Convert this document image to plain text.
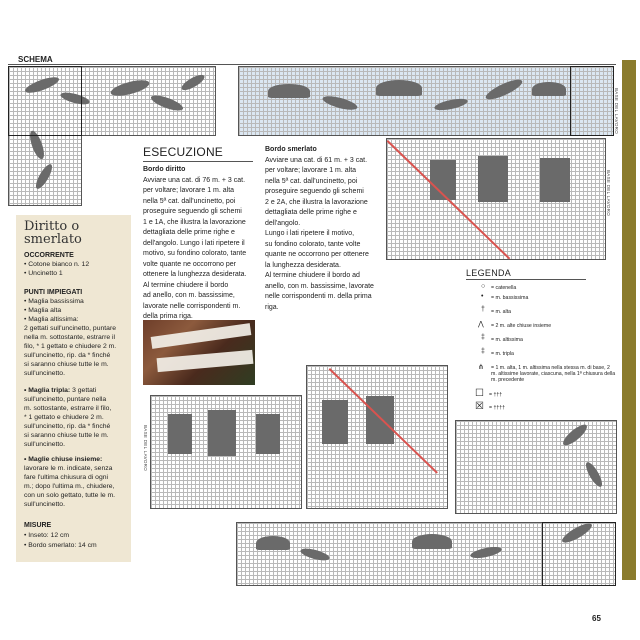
SCHEMA
BASE DEL LAVORO
BASE DEL LAVORO
Diritto o smerlato
OCCORRENTE
• Cotone bianco n. 12
• Uncinetto 1
PUNTI IMPIEGATI
• Maglia bassissima
• Maglia alta
• Maglia altissima:
2 gettati sull'uncinetto, puntare
nella m. sottostante, estrarre il
filo, * 1 gettato e chiudere 2 m.
sull'uncinetto, rip. da * finché
si saranno chiuse tutte le m.
sull'uncinetto.
• Maglia tripla: 3 gettati
sull'uncinetto, puntare nella
m. sottostante, estrarre il filo,
* 1 gettato e chiudere 2 m.
sull'uncinetto, rip. da * finché
si saranno chiuse tutte le m.
sull'uncinetto.
• Maglie chiuse insieme:
lavorare le m. indicate, senza
fare l'ultima chiusura di ogni
m.; dopo l'ultima m., chiudere,
con un solo gettato, tutte le m.
sull'uncinetto.
MISURE
• Inseto: 12 cm
• Bordo smerlato: 14 cm
ESECUZIONE
Bordo diritto
Avviare una cat. di 76 m. + 3 cat.
per voltare; lavorare 1 m. alta
nella 5ª cat. dall'uncinetto, poi
proseguire seguendo gli schemi
1 e 1A, che illustra la lavorazione
dettagliata delle prime righe e
dell'angolo. Lungo i lati ripetere il
motivo, su fondino colorato, tante
volte quante ne occorrono per
ottenere la lunghezza desiderata.
Al termine chiudere il bordo
ad anello, con m. bassissime,
lavorate nelle corrispondenti m.
della prima riga.
Bordo smerlato
Avviare una cat. di 61 m. + 3 cat.
per voltare; lavorare 1 m. alta
nella 5ª cat. dall'uncinetto, poi
proseguire seguendo gli schemi
2 e 2A, che illustra la lavorazione
dettagliata delle prime righe e
dell'angolo.
Lungo i lati ripetere il motivo,
su fondino colorato, tante volte
quante ne occorrono per ottenere
la lunghezza desiderata.
Al termine chiudere il bordo ad
anello, con m. bassissime, lavorate
nelle corrispondenti m. della prima
riga.
LEGENDA
○ = catenella
• = m. bassissima
† = m. alta
⋀ = 2 m. alte chiuse insieme
‡ = m. altissima
‡ = m. tripla
⋔ = 1 m. alta, 1 m. altissima nella stessa m. di base, 2 m. altissime lavorate, ciascuna, nella 1ª chiusura della m. precedente
☐ = †††
☒ = ††††
BASE DEL LAVORO
65
